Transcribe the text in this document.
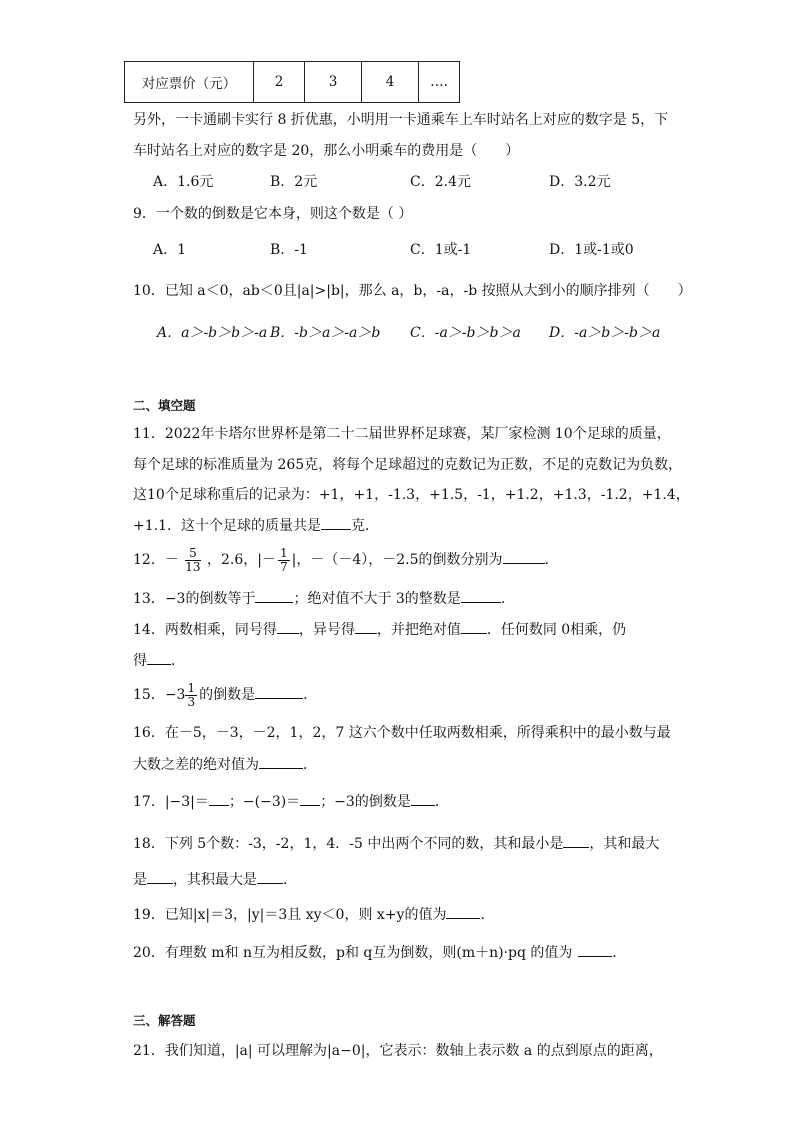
对应票价（元）	2	3	4	….
另外，一卡通刷卡实行 8 折优惠，小明用一卡通乘车上车时站名上对应的数字是 5，下
车时站名上对应的数字是 20，那么小明乘车的费用是（　　）
A．1.6元	B．2元	C．2.4元	D．3.2元
9．一个数的倒数是它本身，则这个数是（ ）
A．1	B．-1	C．1或-1	D．1或-1或0
10．已知 a＜0，ab＜0且|a|>|b|，那么 a，b，-a，-b 按照从大到小的顺序排列（　　）
A．a＞-b＞b＞-a B．-b＞a＞-a＞b C．-a＞-b＞b＞a D．-a＞b＞-b＞a
二、填空题
11．2022年卡塔尔世界杯是第二十二届世界杯足球赛，某厂家检测 10个足球的质量，
每个足球的标准质量为 265克，将每个足球超过的克数记为正数，不足的克数记为负数，
这10个足球称重后的记录为：+1，+1，-1.3，+1.5，-1，+1.2，+1.3，-1.2，+1.4，
+1.1．这十个足球的质量共是 克．
12．－ $\frac{5}{13}$ ，2.6，|－ $\frac{1}{7}$ |，－（－4），－2.5的倒数分别为	.
13．−3的倒数等于	；绝对值不大于 3的整数是	.
14．两数相乘，同号得 ，异号得 ，并把绝对值 ．任何数同 0相乘，仍
得 ．
15．$-3 \frac{1}{3}$ 的倒数是	．
16．在－5，－3，－2，1，2，7 这六个数中任取两数相乘，所得乘积中的最小数与最
大数之差的绝对值为	．
17．|−3|＝ ；−(−3)＝ ；−3的倒数是 ．
18．下列 5个数：-3，-2，1，4．-5 中出两个不同的数，其和最小是 ，其和最大
是 ，其积最大是 ．
19．已知|x|＝3，|y|＝3且 xy＜0，则 x+y的值为 ．
20．有理数 m和 n互为相反数，p和 q互为倒数，则(m＋n)·pq 的值为	．
三、解答题
21．我们知道，|a| 可以理解为|a−0|，它表示：数轴上表示数 a 的点到原点的距离，
